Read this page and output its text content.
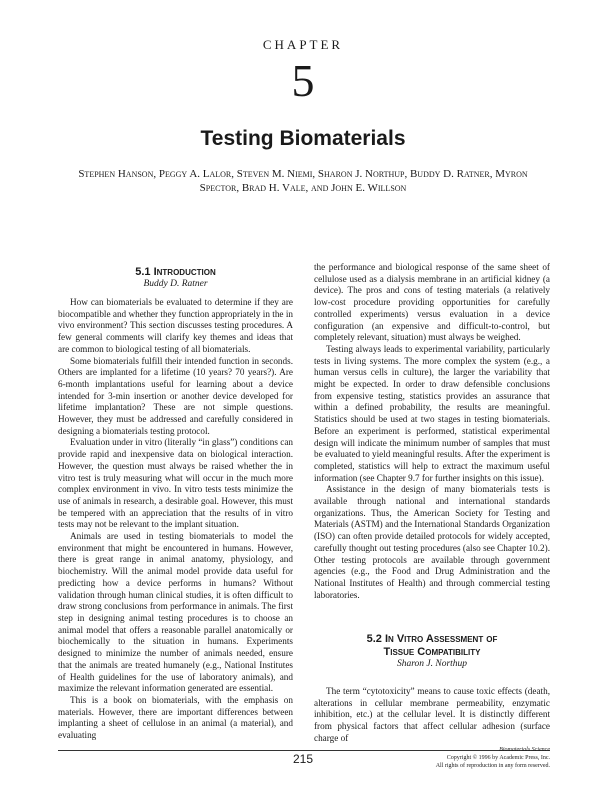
CHAPTER
5
Testing Biomaterials
Stephen Hanson, Peggy A. Lalor, Steven M. Niemi, Sharon J. Northup, Buddy D. Ratner, Myron Spector, Brad H. Vale, and John E. Willson
5.1 Introduction
Buddy D. Ratner

How can biomaterials be evaluated to determine if they are biocompatible and whether they function appropriately in the in vivo environment? This section discusses testing procedures. A few general comments will clarify key themes and ideas that are common to biological testing of all biomaterials.

Some biomaterials fulfill their intended function in seconds. Others are implanted for a lifetime (10 years? 70 years?). Are 6-month implantations useful for learning about a device intended for 3-min insertion or another device developed for lifetime implantation? These are not simple questions. However, they must be addressed and carefully considered in designing a biomaterials testing protocol.

Evaluation under in vitro (literally “in glass”) conditions can provide rapid and inexpensive data on biological interaction. However, the question must always be raised whether the in vitro test is truly measuring what will occur in the much more complex environment in vivo. In vitro tests tests minimize the use of animals in research, a desirable goal. However, this must be tempered with an appreciation that the results of in vitro tests may not be relevant to the implant situation.

Animals are used in testing biomaterials to model the environment that might be encountered in humans. However, there is great range in animal anatomy, physiology, and biochemistry. Will the animal model provide data useful for predicting how a device performs in humans? Without validation through human clinical studies, it is often difficult to draw strong conclusions from performance in animals. The first step in designing animal testing procedures is to choose an animal model that offers a reasonable parallel anatomically or biochemically to the situation in humans. Experiments designed to minimize the number of animals needed, ensure that the animals are treated humanely (e.g., National Institutes of Health guidelines for the use of laboratory animals), and maximize the relevant information generated are essential.

This is a book on biomaterials, with the emphasis on materials. However, there are important differences between implanting a sheet of cellulose in an animal (a material), and evaluating

the performance and biological response of the same sheet of cellulose used as a dialysis membrane in an artificial kidney (a device). The pros and cons of testing materials (a relatively low-cost procedure providing opportunities for carefully controlled experiments) versus evaluation in a device configuration (an expensive and difficult-to-control, but completely relevant, situation) must always be weighed.

Testing always leads to experimental variability, particularly tests in living systems. The more complex the system (e.g., a human versus cells in culture), the larger the variability that might be expected. In order to draw defensible conclusions from expensive testing, statistics provides an assurance that within a defined probability, the results are meaningful. Statistics should be used at two stages in testing biomaterials. Before an experiment is performed, statistical experimental design will indicate the minimum number of samples that must be evaluated to yield meaningful results. After the experiment is completed, statistics will help to extract the maximum useful information (see Chapter 9.7 for further insights on this issue).

Assistance in the design of many biomaterials tests is available through national and international standards organizations. Thus, the American Society for Testing and Materials (ASTM) and the International Standards Organization (ISO) can often provide detailed protocols for widely accepted, carefully thought out testing procedures (also see Chapter 10.2). Other testing protocols are available through government agencies (e.g., the Food and Drug Administration and the National Institutes of Health) and through commercial testing laboratories.

5.2 In Vitro Assessment of
Tissue Compatibility
Sharon J. Northup

The term “cytotoxicity” means to cause toxic effects (death, alterations in cellular membrane permeability, enzymatic inhibition, etc.) at the cellular level. It is distinctly different from physical factors that affect cellular adhesion (surface charge of

215
Biomaterials Science
Copyright © 1996 by Academic Press, Inc.
All rights of reproduction in any form reserved.
